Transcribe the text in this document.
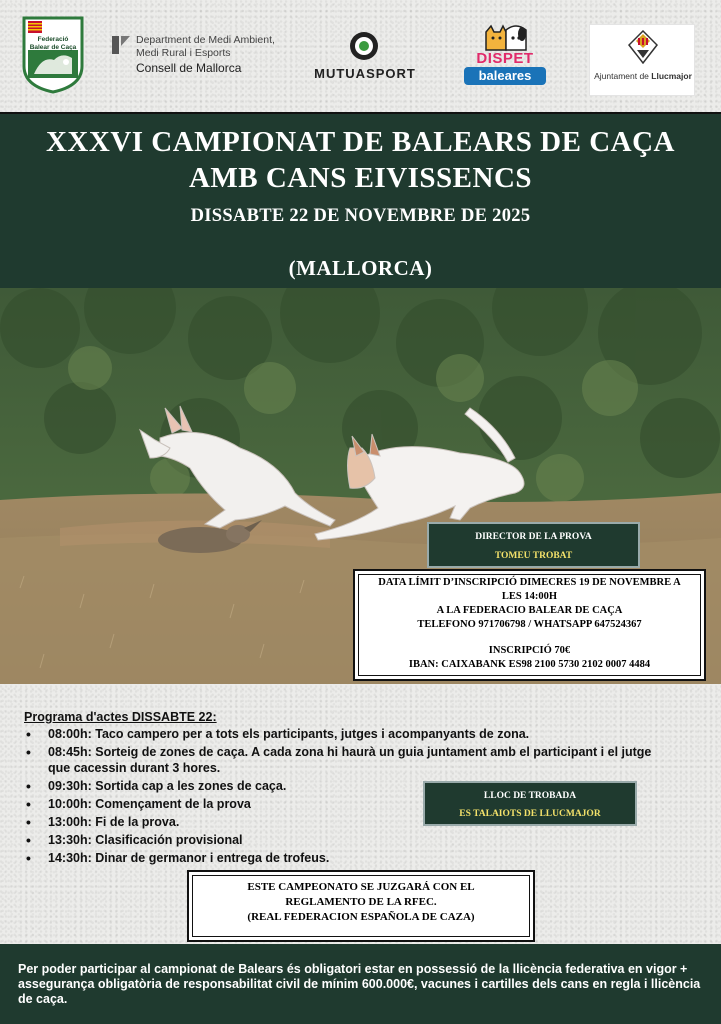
Federació
Balear de Caça
Department de Medi Ambient,
Medi Rural i Esports
Consell de Mallorca	MUTUASPORT
DISPET
baleares	Ajuntament de Llucmajor
XXXVI CAMPIONAT DE BALEARS DE CAÇA
AMB CANS EIVISSENCS
DISSABTE 22 DE NOVEMBRE DE 2025
(MALLORCA)
DIRECTOR DE LA PROVA
TOMEU TROBAT
DATA LÍMIT D’INSCRIPCIÓ DIMECRES 19 DE NOVEMBRE A
LES 14:00H
A LA FEDERACIO BALEAR DE CAÇA
TELEFONO 971706798 / WHATSAPP 647524367
INSCRIPCIÓ 70€
IBAN: CAIXABANK ES98 2100 5730 2102 0007 4484
Programa d'actes DISSABTE 22:
• 08:00h: Taco campero per a tots els participants, jutges i acompanyants de zona.
• 08:45h: Sorteig de zones de caça. A cada zona hi haurà un guia juntament amb el participant i el jutge que cacessin durant 3 hores.
• 09:30h: Sortida cap a les zones de caça.
• 10:00h: Començament de la prova
• 13:00h: Fi de la prova.
• 13:30h: Clasificación provisional
• 14:30h: Dinar de germanor i entrega de trofeus.
LLOC DE TROBADA
ES TALAIOTS DE LLUCMAJOR
ESTE CAMPEONATO SE JUZGARÁ CON EL
REGLAMENTO DE LA RFEC.
(REAL FEDERACION ESPAÑOLA DE CAZA)
Per poder participar al campionat de Balears és obligatori estar en possessió de la llicència federativa en vigor + assegurança obligatòria de responsabilitat civil de mínim 600.000€, vacunes i cartilles dels cans en regla i llicència de caça.
